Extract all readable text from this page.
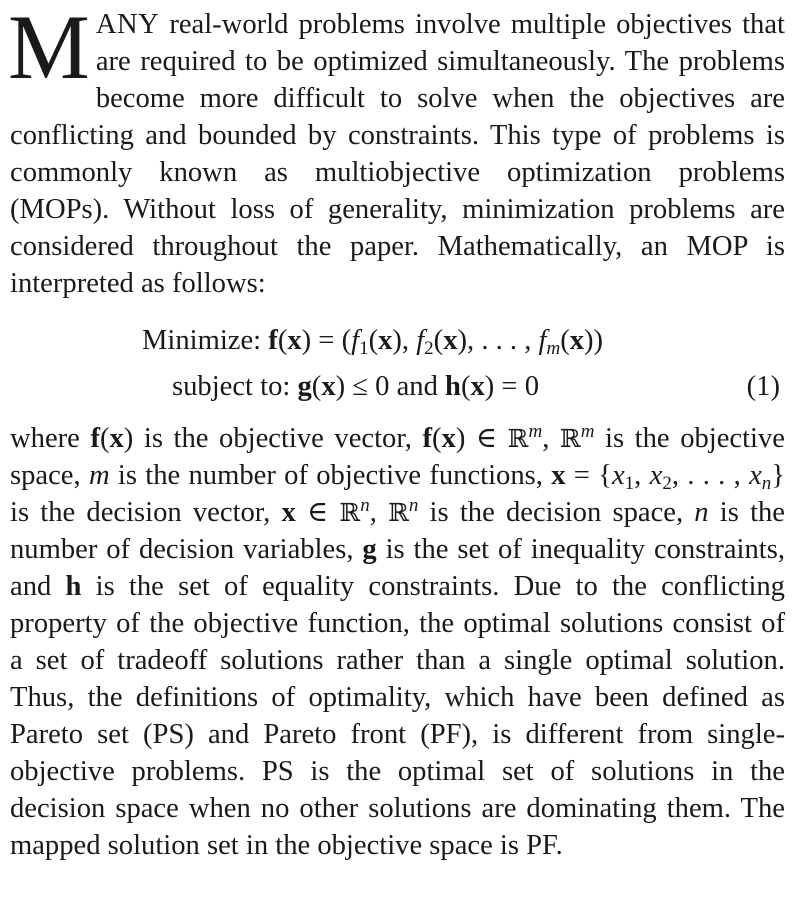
MANY real-world problems involve multiple objectives that are required to be optimized simultaneously. The problems become more difficult to solve when the objectives are conflicting and bounded by constraints. This type of problems is commonly known as multiobjective optimization problems (MOPs). Without loss of generality, minimization problems are considered throughout the paper. Mathematically, an MOP is interpreted as follows:

Minimize: $f(x) = (f_1(x)$, $f_2(x)$, . . . , $f_m(x)$)
subject to: g(x) ≤ 0 and h(x) = 0	(1)

where f(x) is the objective vector, f(x) ∈ ℝ$^m$, ℝ$^m$ is the objective space, m is the number of objective functions, $x = \{x_1$, $x_2$, . . . , $x_n$} is the decision vector, x ∈ ℝ$^n$, ℝ$^n$ is the decision space, n is the number of decision variables, g is the set of inequality constraints, and h is the set of equality constraints. Due to the conflicting property of the objective function, the optimal solutions consist of a set of tradeoff solutions rather than a single optimal solution. Thus, the definitions of optimality, which have been defined as Pareto set (PS) and Pareto front (PF), is different from single-objective problems. PS is the optimal set of solutions in the decision space when no other solutions are dominating them. The mapped solution set in the objective space is PF.
